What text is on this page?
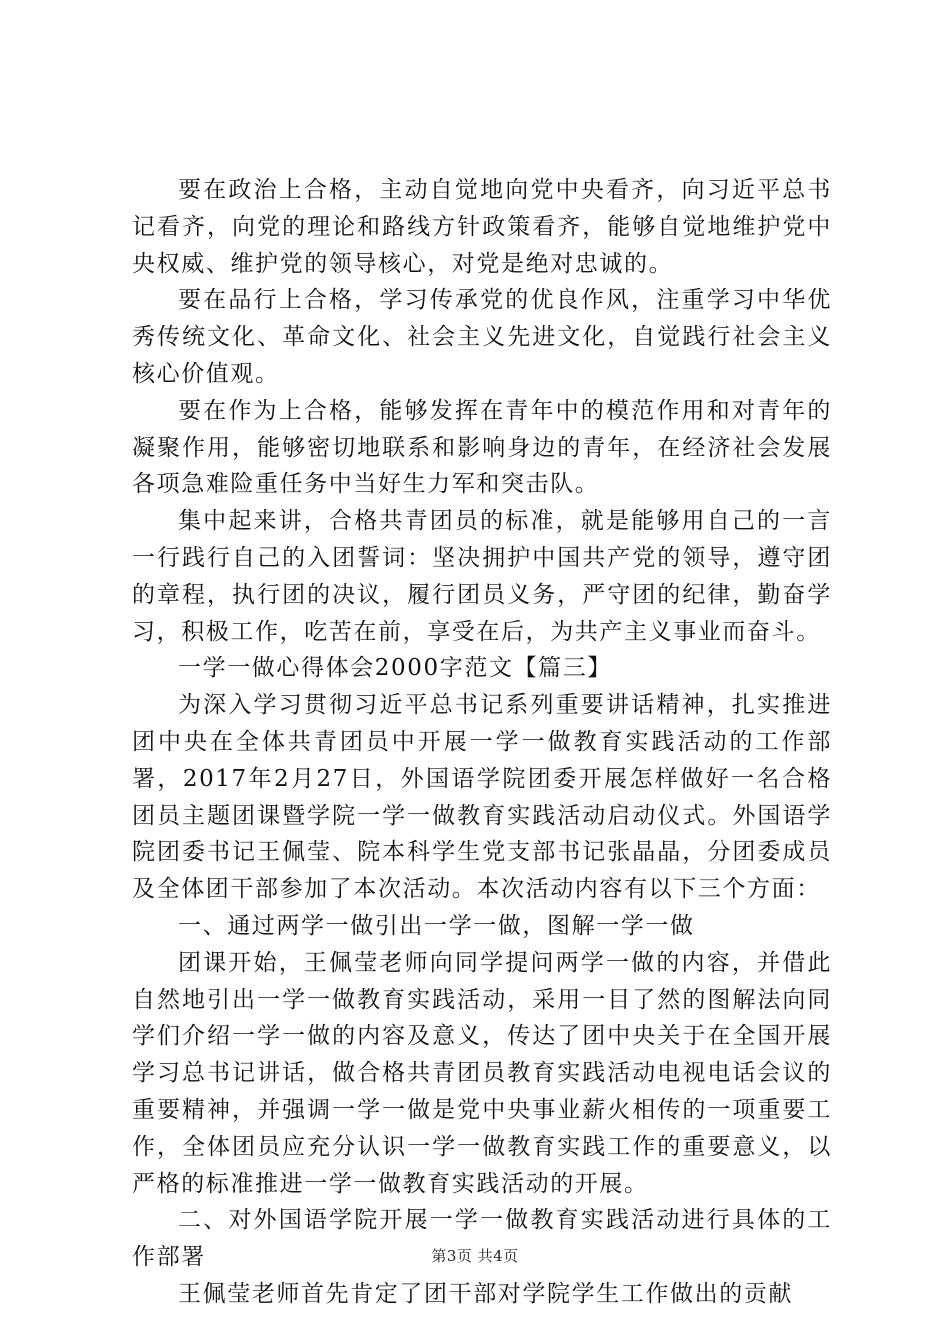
要在政治上合格，主动自觉地向党中央看齐，向习近平总书记看齐，向党的理论和路线方针政策看齐，能够自觉地维护党中央权威、维护党的领导核心，对党是绝对忠诚的。

要在品行上合格，学习传承党的优良作风，注重学习中华优秀传统文化、革命文化、社会主义先进文化，自觉践行社会主义核心价值观。

要在作为上合格，能够发挥在青年中的模范作用和对青年的凝聚作用，能够密切地联系和影响身边的青年，在经济社会发展各项急难险重任务中当好生力军和突击队。

集中起来讲，合格共青团员的标准，就是能够用自己的一言一行践行自己的入团誓词：坚决拥护中国共产党的领导，遵守团的章程，执行团的决议，履行团员义务，严守团的纪律，勤奋学习，积极工作，吃苦在前，享受在后，为共产主义事业而奋斗。

一学一做心得体会2000字范文【篇三】

为深入学习贯彻习近平总书记系列重要讲话精神，扎实推进团中央在全体共青团员中开展一学一做教育实践活动的工作部署，2017年2月27日，外国语学院团委开展怎样做好一名合格团员主题团课暨学院一学一做教育实践活动启动仪式。外国语学院团委书记王佩莹、院本科学生党支部书记张晶晶，分团委成员及全体团干部参加了本次活动。本次活动内容有以下三个方面：

一、通过两学一做引出一学一做，图解一学一做

团课开始，王佩莹老师向同学提问两学一做的内容，并借此自然地引出一学一做教育实践活动，采用一目了然的图解法向同学们介绍一学一做的内容及意义，传达了团中央关于在全国开展学习总书记讲话，做合格共青团员教育实践活动电视电话会议的重要精神，并强调一学一做是党中央事业薪火相传的一项重要工作，全体团员应充分认识一学一做教育实践工作的重要意义，以严格的标准推进一学一做教育实践活动的开展。

二、对外国语学院开展一学一做教育实践活动进行具体的工作部署

王佩莹老师首先肯定了团干部对学院学生工作做出的贡献

第3页 共4页
